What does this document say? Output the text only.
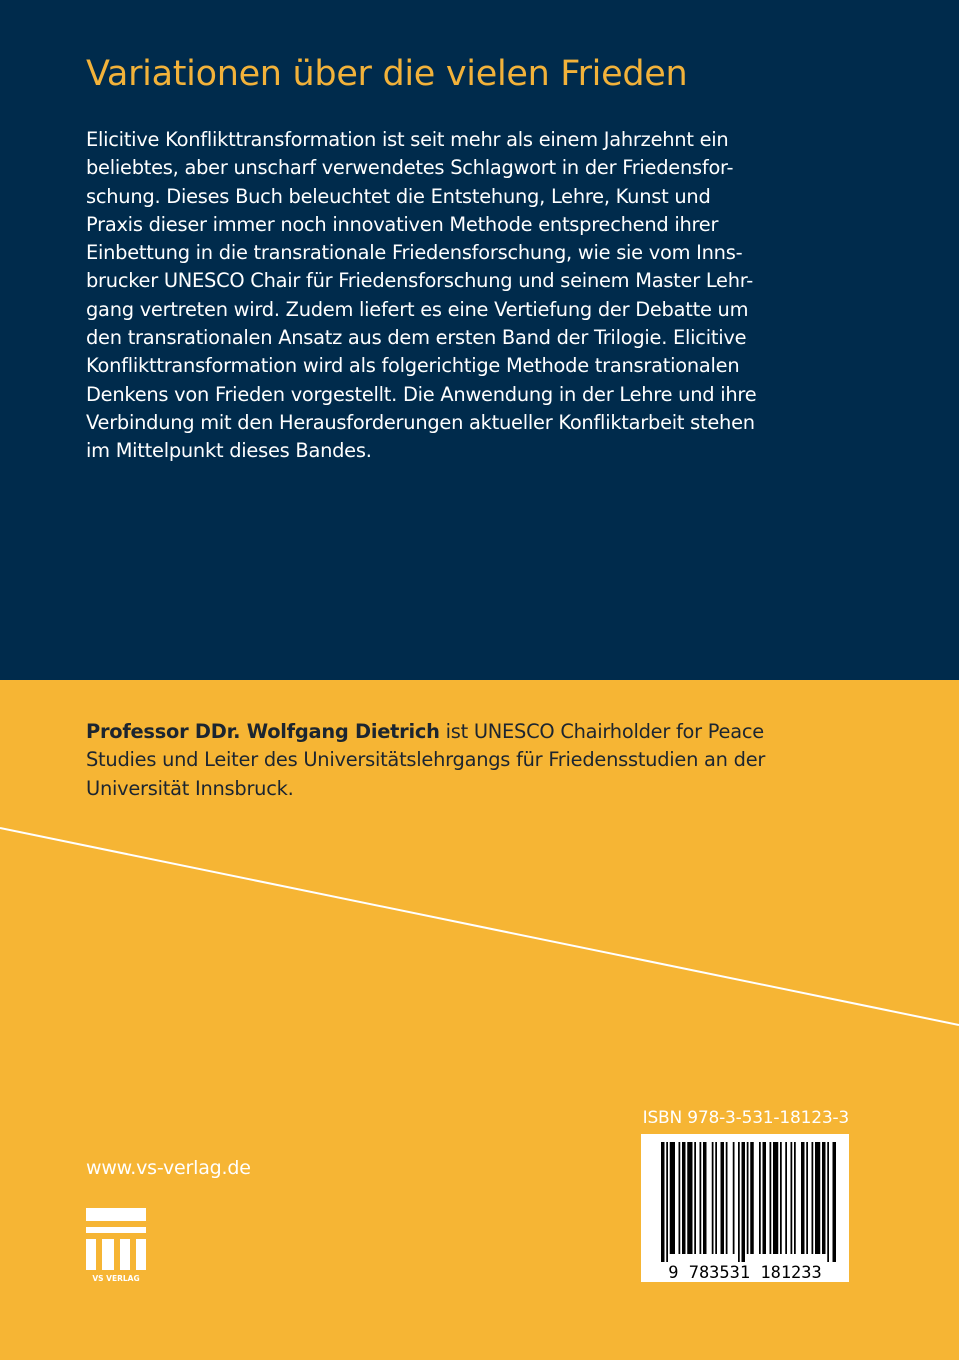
Variationen über die vielen Frieden
Elicitive Konflikttransformation ist seit mehr als einem Jahrzehnt ein
beliebtes, aber unscharf verwendetes Schlagwort in der Friedensfor-
schung. Dieses Buch beleuchtet die Entstehung, Lehre, Kunst und
Praxis dieser immer noch innovativen Methode entsprechend ihrer
Einbettung in die transrationale Friedensforschung, wie sie vom Inns-
brucker UNESCO Chair für Friedensforschung und seinem Master Lehr-
gang vertreten wird. Zudem liefert es eine Vertiefung der Debatte um
den transrationalen Ansatz aus dem ersten Band der Trilogie. Elicitive
Konflikttransformation wird als folgerichtige Methode transrationalen
Denkens von Frieden vorgestellt. Die Anwendung in der Lehre und ihre
Verbindung mit den Herausforderungen aktueller Konfliktarbeit stehen
im Mittelpunkt dieses Bandes.
Professor DDr. Wolfgang Dietrich ist UNESCO Chairholder for Peace
Studies und Leiter des Universitätslehrgangs für Friedensstudien an der
Universität Innsbruck.
www.vs-verlag.de
VS VERLAG
ISBN 978-3-531-18123-3
9 783531 181233
